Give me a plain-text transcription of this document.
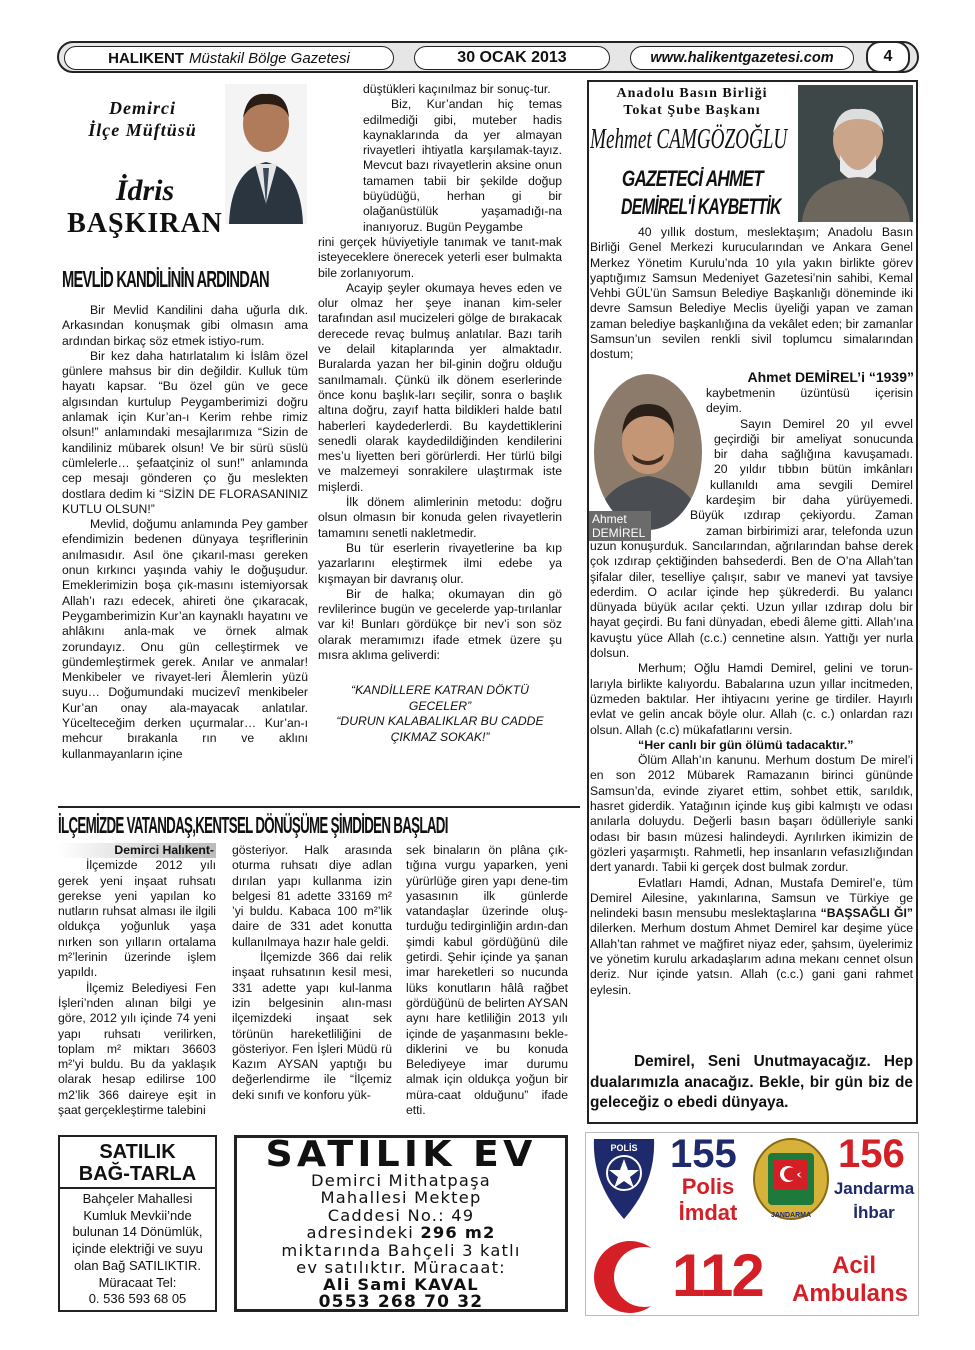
HALIKENT Müstakil Bölge Gazetesi	30 OCAK 2013	www.halikentgazetesi.com	4
Demirci
İlçe Müftüsü
İdris
BAŞKIRAN
MEVLİD KANDİLİNİN ARDINDAN

Bir Mevlid Kandilini daha uğurla dık. Arkasından konuşmak gibi olmasın ama ardından birkaç söz etmek istiyo-rum.

Bir kez daha hatırlatalım ki İslâm özel günlere mahsus bir din değildir. Kulluk tüm hayatı kapsar. “Bu özel gün ve gece algısından kurtulup Peygamberimizi doğru anlamak için Kur’an-ı Kerim rehbe rimiz olsun!” anlamındaki mesajlarımıza “Sizin de kandiliniz mübarek olsun! Ve bir sürü süslü cümlelerle… şefaatçiniz ol sun!” anlamında cep mesajı gönderen ço ğu meslekten dostlara dedim ki “SİZİN DE FLORASANINIZ KUTLU OLSUN!”

Mevlid, doğumu anlamında Pey gamber efendimizin bedenen dünyaya teşriflerinin anılmasıdır. Asıl öne çıkarıl-ması gereken onun kırkıncı yaşında vahiy le doğuşudur. Emeklerimizin boşa çık-masını istemiyorsak Allah’ı razı edecek, ahireti öne çıkaracak, Peygamberimizin Kur’an kaynaklı hayatını ve ahlâkını anla-mak ve örnek almak zorundayız. Onu gün celleştirmek ve gündemleştirmek gerek. Anılar ve anmalar! Menkibeler ve rivayet-leri Âlemlerin yüzü suyu… Doğumundaki mucizevî menkibeler Kur’an onay ala-mayacak anlatılar. Yücelteceğim derken uçurmalar… Kur’an-ı mehcur bırakanla rın ve aklını kullanmayanların içine

düştükleri kaçınılmaz bir sonuç-tur.

Biz, Kur’andan hiç temas edilmediği gibi, muteber hadis kaynaklarında da yer almayan rivayetleri ihtiyatla karşılamak-tayız. Mevcut bazı rivayetlerin aksine onun tamamen tabii bir şekilde doğup büyüdüğü, herhan gi bir olağanüstülük yaşamadığı-na inanıyoruz. Bugün Peygambe

rini gerçek hüviyetiyle tanımak ve tanıt-mak isteyeceklere önerecek yeterli eser bulmakta bile zorlanıyorum.

Acayip şeyler okumaya heves eden ve olur olmaz her şeye inanan kim-seler tarafından asıl mucizeleri gölge de bırakacak derecede revaç bulmuş anlatılar. Bazı tarih ve delail kitaplarında yer almaktadır. Buralarda yazan her bil-ginin doğru olduğu sanılmamalı. Çünkü ilk dönem eserlerinde önce konu başlık-ları seçilir, sonra o başlık altına doğru, zayıf hatta bildikleri halde batıl haberleri kaydederlerdi. Bu kaydettiklerini senedli olarak kaydedildiğinden kendilerini mes’u liyetten beri görürlerdi. Her türlü bilgi ve malzemeyi sonrakilere ulaştırmak iste mişlerdi.

İlk dönem alimlerinin metodu: doğru olsun olmasın bir konuda gelen rivayetlerin tamamını senetli nakletmedir.

Bu tür eserlerin rivayetlerine ba kıp yazarlarını eleştirmek ilmi edebe ya kışmayan bir davranış olur.

Bir de halka; okumayan din gö revlilerince bugün ve gecelerde yap-tırılanlar var ki! Bunları gördükçe bir nev’i son söz olarak meramımızı ifade etmek üzere şu mısra aklıma geliverdi:

“KANDİLLERE KATRAN DÖKTÜ
GECELER”
“DURUN KALABALIKLAR BU CADDE
ÇIKMAZ SOKAK!”
İLÇEMİZDE VATANDAŞ,KENTSEL DÖNÜŞÜME ŞİMDİDEN BAŞLADI
Demirci Halıkent-

İlçemizde 2012 yılı gerek yeni inşaat ruhsatı gerekse yeni yapılan ko nutların ruhsat alması ile ilgili oldukça yoğunluk yaşa nırken son yılların ortalama m²’lerinin üzerinde işlem yapıldı.

İlçemiz Belediyesi Fen İşleri’nden alınan bilgi ye göre, 2012 yılı içinde 74 yeni yapı ruhsatı verilirken, toplam m² miktarı 36603 m²’yi buldu. Bu da yaklaşık olarak hesap edilirse 100 m2’lik 366 daireye eşit in şaat gerçekleştirme talebini

gösteriyor. Halk arasında oturma ruhsatı diye adlan dırılan yapı kullanma izin belgesi 81 adette 33169 m² ’yi buldu. Kabaca 100 m²’lik daire de 331 adet konutta kullanılmaya hazır hale geldi.

İlçemizde 366 dai relik inşaat ruhsatının kesil mesi, 331 adette yapı kul-lanma izin belgesinin alın-ması ilçemizdeki inşaat sek törünün hareketliliğini de gösteriyor. Fen İşleri Müdü rü Kazım AYSAN yaptığı bu değerlendirme ile “İlçemiz deki sınıfı ve konforu yük-

sek binaların ön plâna çık-tığına vurgu yaparken, yeni yürürlüğe giren yapı dene-tim yasasının ilk günlerde vatandaşlar üzerinde oluş-turduğu tedirginliğin ardın-dan şimdi kabul gördüğünü dile getirdi. Şehir içinde ya şanan imar hareketleri so nucunda lüks konutların hâlâ rağbet gördüğünü de belirten AYSAN aynı hare ketliliğin 2013 yılı içinde de yaşanmasını beklediklerini ve bu konuda Belediyeye imar durumu almak için oldukça yoğun bir müra-caat olduğunu” ifade etti.

Anadolu Basın Birliği
Tokat Şube Başkanı
Mehmet CAMGÖZOĞLU
GAZETECİ AHMET
DEMİREL'İ KAYBETTİK

40 yıllık dostum, meslektaşım; Anadolu Basın Birliği Genel Merkezi kurucularından ve Ankara Genel Merkez Yönetim Kurulu’nda 10 yıla yakın birlikte görev yaptığımız Samsun Medeniyet Gazetesi’nin sahibi, Kemal Vehbi GÜL’ün Samsun Belediye Başkanlığı döneminde iki devre Samsun Belediye Meclis üyeliği yapan ve zaman zaman belediye başkanlığına da vekâlet eden; bir zamanlar Samsun’un sevilen renkli sivil toplumcu simalarından dostum;

Ahmet DEMİREL’i “1939”
Ahmet
DEMİREL
kaybetmenin üzüntüsü içerisin
deyim.
Sayın Demirel 20 yıl evvel
geçirdiği bir ameliyat sonucunda
bir daha sağlığına kavuşamadı.
20 yıldır tıbbın bütün imkânları
kullanıldı ama sevgili Demirel
kardeşim bir daha yürüyemedi.
Büyük ızdırap çekiyordu. Zaman
zaman birbirimizi arar, telefonda uzun

uzun konuşurduk. Sancılarından, ağrılarından bahse derek çok ızdırap çektiğinden bahsederdi. Ben de O’na Allah’tan şifalar diler, teselliye çalışır, sabır ve manevi yat tavsiye ederdim. O acılar içinde hep şükrederdi. Bu yalancı dünyada büyük acılar çekti. Uzun yıllar ızdırap dolu bir hayat geçirdi. Bu fani dünyadan, ebedi âleme gitti. Allah’ına kavuştu yüce Allah (c.c.) cennetine alsın. Yattığı yer nurla dolsun.

Merhum; Oğlu Hamdi Demirel, gelini ve torun-larıyla birlikte kalıyordu. Babalarına uzun yıllar incitmeden, üzmeden baktılar. Her ihtiyacını yerine ge tirdiler. Hayırlı evlat ve gelin ancak böyle olur. Allah (c. c.) onlardan razı olsun. Allah (c.c) mükafatlarını versin.

“Her canlı bir gün ölümü tadacaktır.”

Ölüm Allah’ın kanunu. Merhum dostum De mirel’i en son 2012 Mübarek Ramazanın birinci gününde Samsun’da, evinde ziyaret ettim, sohbet ettik, sarıldık, hasret giderdik. Yatağının içinde kuş gibi kalmıştı ve odası anılarla doluydu. Değerli basın başarı ödülleriyle sanki odası bir basın müzesi halindeydi. Ayrılırken ikimizin de gözleri yaşarmıştı. Rahmetli, hep insanların vefasızlığından dert yanardı. Tabii ki gerçek dost bulmak zordur.

Evlatları Hamdi, Adnan, Mustafa Demirel’e, tüm Demirel Ailesine, yakınlarına, Samsun ve Türkiye ge nelindeki basın mensubu meslektaşlarına “BAŞSAĞLI ĞI” dilerken. Merhum dostum Ahmet Demirel kar deşime yüce Allah’tan rahmet ve mağfiret niyaz eder, şahsım, üyelerimiz ve yönetim kurulu arkadaşlarım adına mekanı cennet olsun deriz. Nur içinde yatsın. Allah (c.c.) gani gani rahmet eylesin.

Demirel, Seni Unutmayacağız. Hep dualarımızla anacağız. Bekle, bir gün biz de geleceğiz o ebedi dünyaya.
SATILIK
BAĞ-TARLA
Bahçeler Mahallesi
Kumluk Mevkii’nde
bulunan 14 Dönümlük,
içinde elektriği ve suyu
olan Bağ SATILIKTIR.
Müracaat Tel:
0. 536 593 68 05
SATILIK EV
Demirci Mithatpaşa
Mahallesi Mektep
Caddesi No.: 49
adresindeki 296 m2
miktarında Bahçeli 3 katlı
ev satılıktır. Müracaat:
Ali Sami KAVAL
0553 268 70 32
POLİS 155
Polis
İmdat	JANDARMA
156
Jandarma
İhbar
112	Acil
Ambulans
